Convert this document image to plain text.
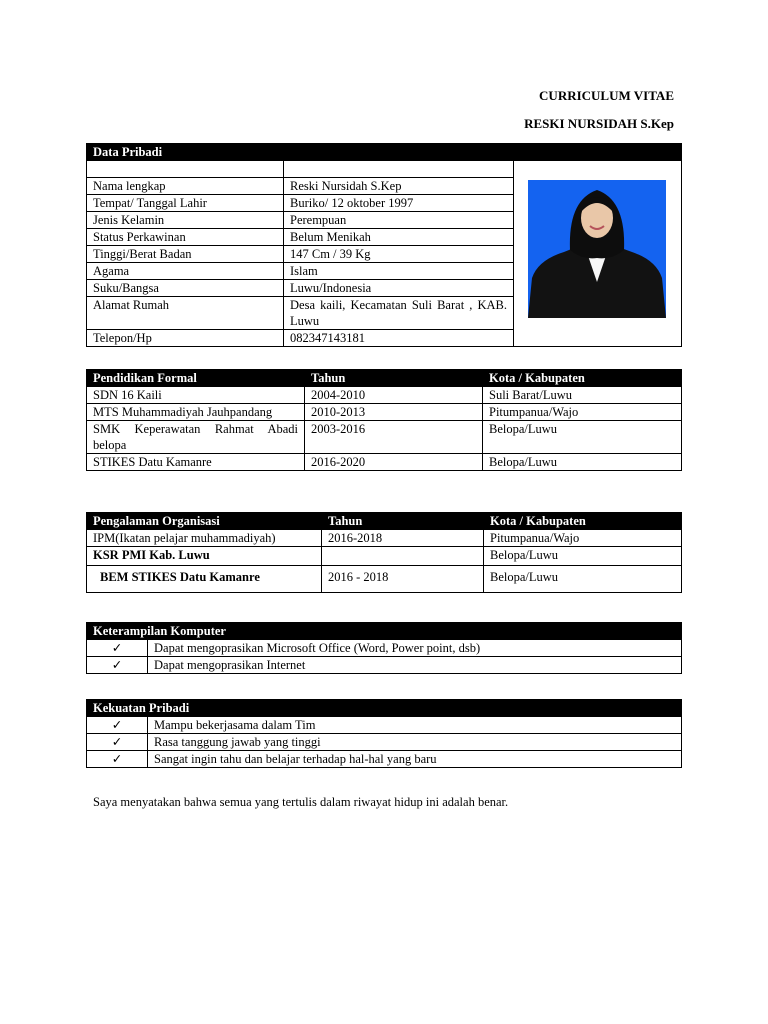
CURRICULUM VITAE
RESKI NURSIDAH S.Kep
Data Pribadi		

Nama lengkap	Reski Nursidah S.Kep	
Tempat/ Tanggal Lahir	Buriko/ 12 oktober 1997	
Jenis Kelamin	Perempuan	
Status Perkawinan	Belum Menikah	
Tinggi/Berat Badan	147 Cm / 39 Kg	
Agama	Islam	
Suku/Bangsa	Luwu/Indonesia	
Alamat Rumah	Desa kaili, Kecamatan Suli Barat , KAB. Luwu	
Telepon/Hp	082347143181	
Pendidikan Formal	Tahun	Kota / Kabupaten
SDN 16 Kaili	2004-2010	Suli Barat/Luwu
MTS Muhammadiyah Jauhpandang	2010-2013	Pitumpanua/Wajo
SMK Keperawatan Rahmat Abadi belopa	2003-2016	Belopa/Luwu
STIKES Datu Kamanre	2016-2020	Belopa/Luwu
Pengalaman Organisasi	Tahun	Kota / Kabupaten
IPM(Ikatan pelajar muhammadiyah)	2016-2018	Pitumpanua/Wajo
KSR PMI Kab. Luwu		Belopa/Luwu
BEM STIKES Datu Kamanre	2016 - 2018	Belopa/Luwu
Keterampilan Komputer	
✓	Dapat mengoprasikan Microsoft Office (Word, Power point, dsb)
✓	Dapat mengoprasikan Internet
Kekuatan Pribadi	
✓	Mampu bekerjasama dalam Tim
✓	Rasa tanggung jawab yang tinggi
✓	Sangat ingin tahu dan belajar terhadap hal-hal yang baru
Saya menyatakan bahwa semua yang tertulis dalam riwayat hidup ini adalah benar.
